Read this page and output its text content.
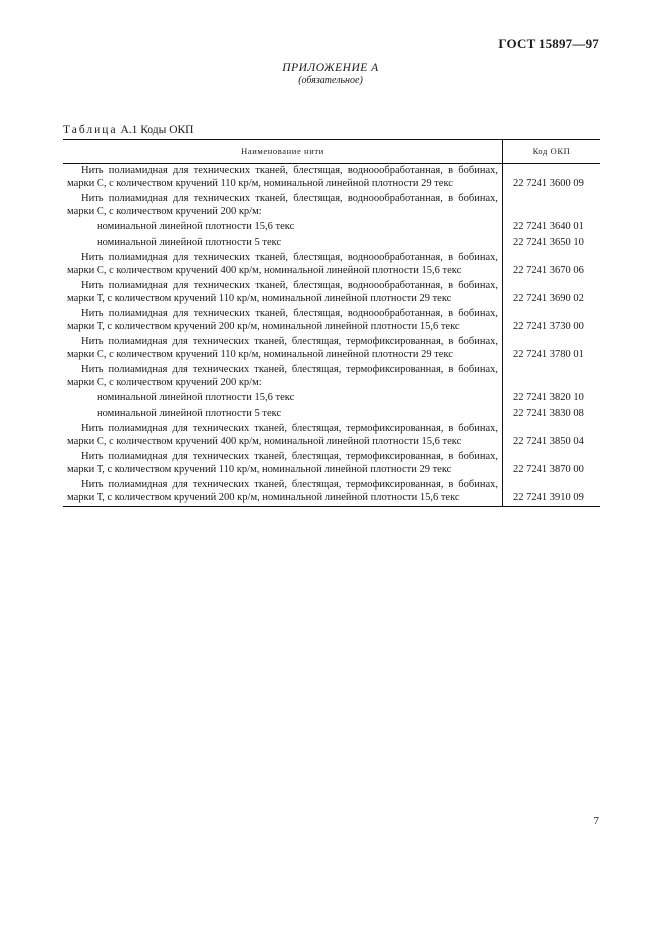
ГОСТ 15897—97
ПРИЛОЖЕНИЕ А
(обязательное)
Таблица А.1 Коды ОКП
Наименование нити	Код ОКП

Нить полиамидная для технических тканей, блестящая, водноообработанная, в бобинах, марки С, с количеством кручений 110 кр/м, номинальной линейной плотности 29 текс	22 7241 3600 09

Нить полиамидная для технических тканей, блестящая, водноообработанная, в бобинах, марки С, с количеством кручений 200 кр/м:	

номинальной линейной плотности 15,6 текс	22 7241 3640 01
номинальной линейной плотности 5 текс	22 7241 3650 10

Нить полиамидная для технических тканей, блестящая, водноообработанная, в бобинах, марки С, с количеством кручений 400 кр/м, номинальной линейной плотности 15,6 текс	22 7241 3670 06

Нить полиамидная для технических тканей, блестящая, водноообработанная, в бобинах, марки Т, с количеством кручений 110 кр/м, номинальной линейной плотности 29 текс	22 7241 3690 02

Нить полиамидная для технических тканей, блестящая, водноообработанная, в бобинах, марки Т, с количеством кручений 200 кр/м, номинальной линейной плотности 15,6 текс	22 7241 3730 00

Нить полиамидная для технических тканей, блестящая, термофиксированная, в бобинах, марки С, с количеством кручений 110 кр/м, номинальной линейной плотности 29 текс	22 7241 3780 01

Нить полиамидная для технических тканей, блестящая, термофиксированная, в бобинах, марки С, с количеством кручений 200 кр/м:	

номинальной линейной плотности 15,6 текс	22 7241 3820 10
номинальной линейной плотности 5 текс	22 7241 3830 08

Нить полиамидная для технических тканей, блестящая, термофиксированная, в бобинах, марки С, с количеством кручений 400 кр/м, номинальной линейной плотности 15,6 текс	22 7241 3850 04

Нить полиамидная для технических тканей, блестящая, термофиксированная, в бобинах, марки Т, с количеством кручений 110 кр/м, номинальной линейной плотности 29 текс	22 7241 3870 00

Нить полиамидная для технических тканей, блестящая, термофиксированная, в бобинах, марки Т, с количеством кручений 200 кр/м, номинальной линейной плотности 15,6 текс	22 7241 3910 09
7
